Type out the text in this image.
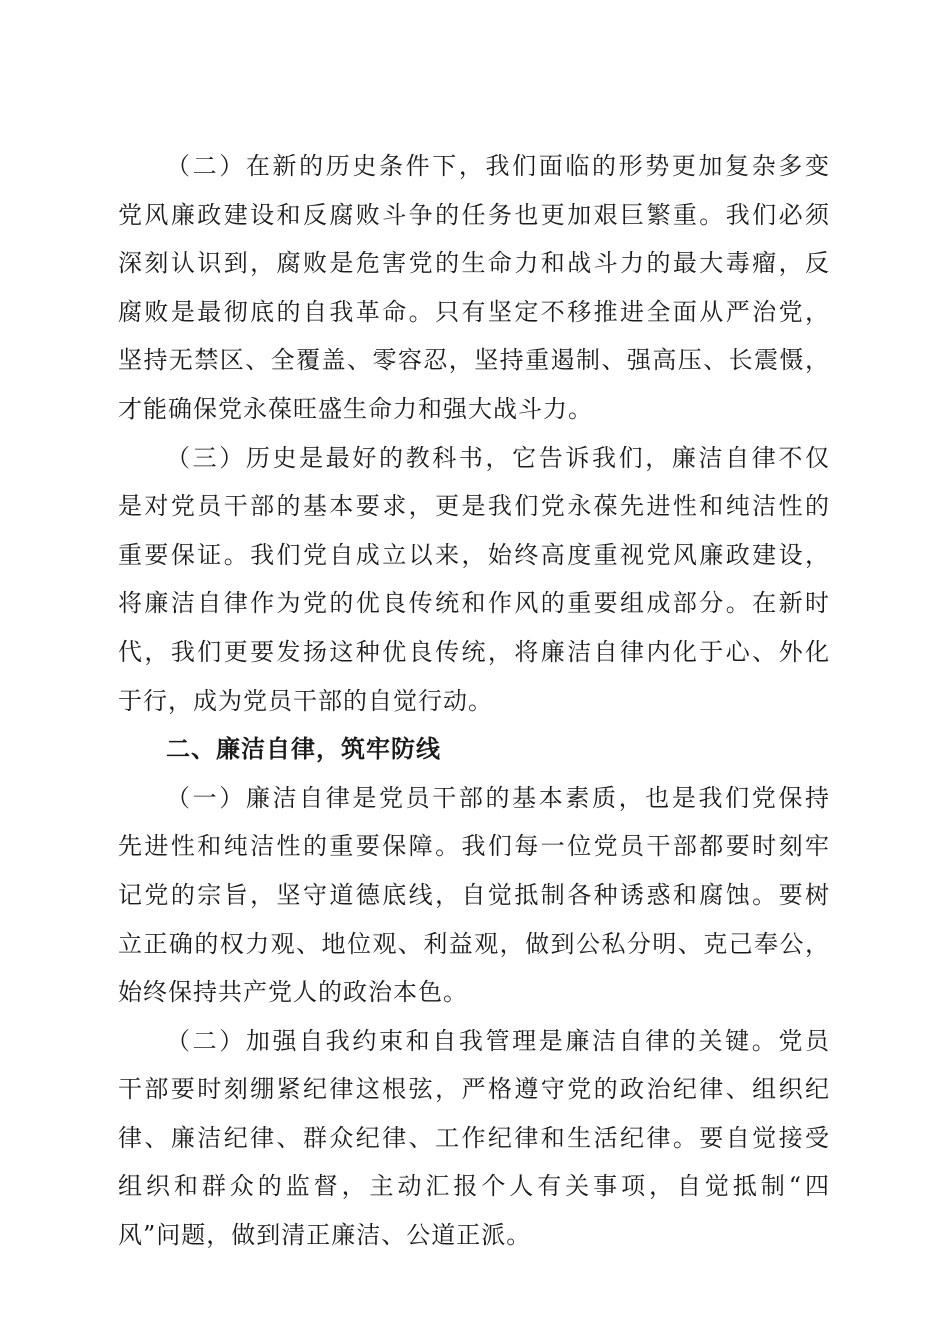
（二）在新的历史条件下，我们面临的形势更加复杂多变
党风廉政建设和反腐败斗争的任务也更加艰巨繁重。我们必须
深刻认识到，腐败是危害党的生命力和战斗力的最大毒瘤，反
腐败是最彻底的自我革命。只有坚定不移推进全面从严治党，
坚持无禁区、全覆盖、零容忍，坚持重遏制、强高压、长震慑，
才能确保党永葆旺盛生命力和强大战斗力。
（三）历史是最好的教科书，它告诉我们，廉洁自律不仅
是对党员干部的基本要求，更是我们党永葆先进性和纯洁性的
重要保证。我们党自成立以来，始终高度重视党风廉政建设，
将廉洁自律作为党的优良传统和作风的重要组成部分。在新时
代，我们更要发扬这种优良传统，将廉洁自律内化于心、外化
于行，成为党员干部的自觉行动。
二、廉洁自律，筑牢防线
（一）廉洁自律是党员干部的基本素质，也是我们党保持
先进性和纯洁性的重要保障。我们每一位党员干部都要时刻牢
记党的宗旨，坚守道德底线，自觉抵制各种诱惑和腐蚀。要树
立正确的权力观、地位观、利益观，做到公私分明、克己奉公，
始终保持共产党人的政治本色。
（二）加强自我约束和自我管理是廉洁自律的关键。党员
干部要时刻绷紧纪律这根弦，严格遵守党的政治纪律、组织纪
律、廉洁纪律、群众纪律、工作纪律和生活纪律。要自觉接受
组织和群众的监督，主动汇报个人有关事项，自觉抵制“四
风”问题，做到清正廉洁、公道正派。
